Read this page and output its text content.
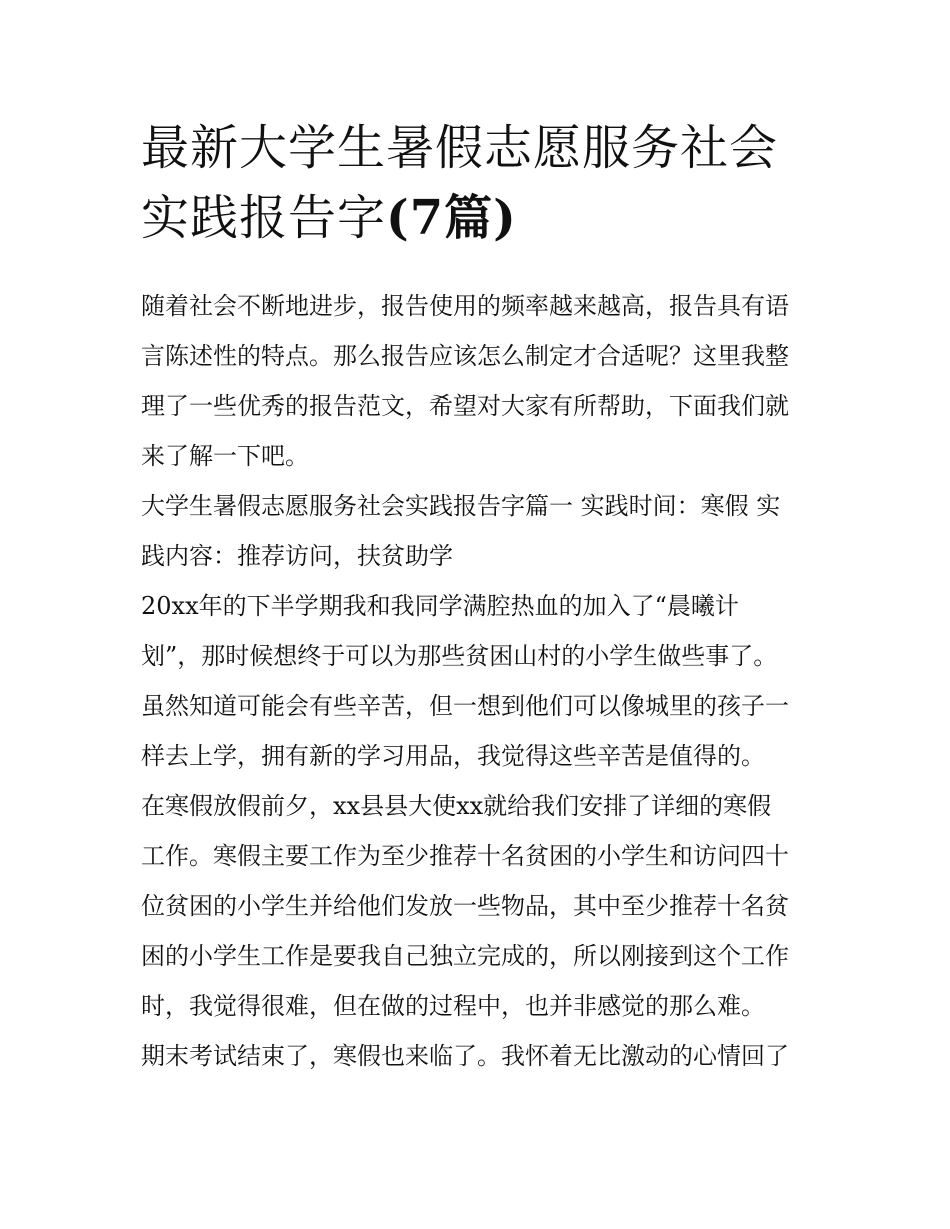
最新大学生暑假志愿服务社会
实践报告字(7篇)

随着社会不断地进步，报告使用的频率越来越高，报告具有语
言陈述性的特点。那么报告应该怎么制定才合适呢？这里我整
理了一些优秀的报告范文，希望对大家有所帮助，下面我们就
来了解一下吧。

大学生暑假志愿服务社会实践报告字篇一 实践时间：寒假 实
践内容：推荐访问，扶贫助学

20xx年的下半学期我和我同学满腔热血的加入了“晨曦计
划”，那时候想终于可以为那些贫困山村的小学生做些事了。
虽然知道可能会有些辛苦，但一想到他们可以像城里的孩子一
样去上学，拥有新的学习用品，我觉得这些辛苦是值得的。

在寒假放假前夕，xx县县大使xx就给我们安排了详细的寒假
工作。寒假主要工作为至少推荐十名贫困的小学生和访问四十
位贫困的小学生并给他们发放一些物品，其中至少推荐十名贫
困的小学生工作是要我自己独立完成的，所以刚接到这个工作
时，我觉得很难，但在做的过程中，也并非感觉的那么难。

期末考试结束了，寒假也来临了。我怀着无比激动的心情回了
